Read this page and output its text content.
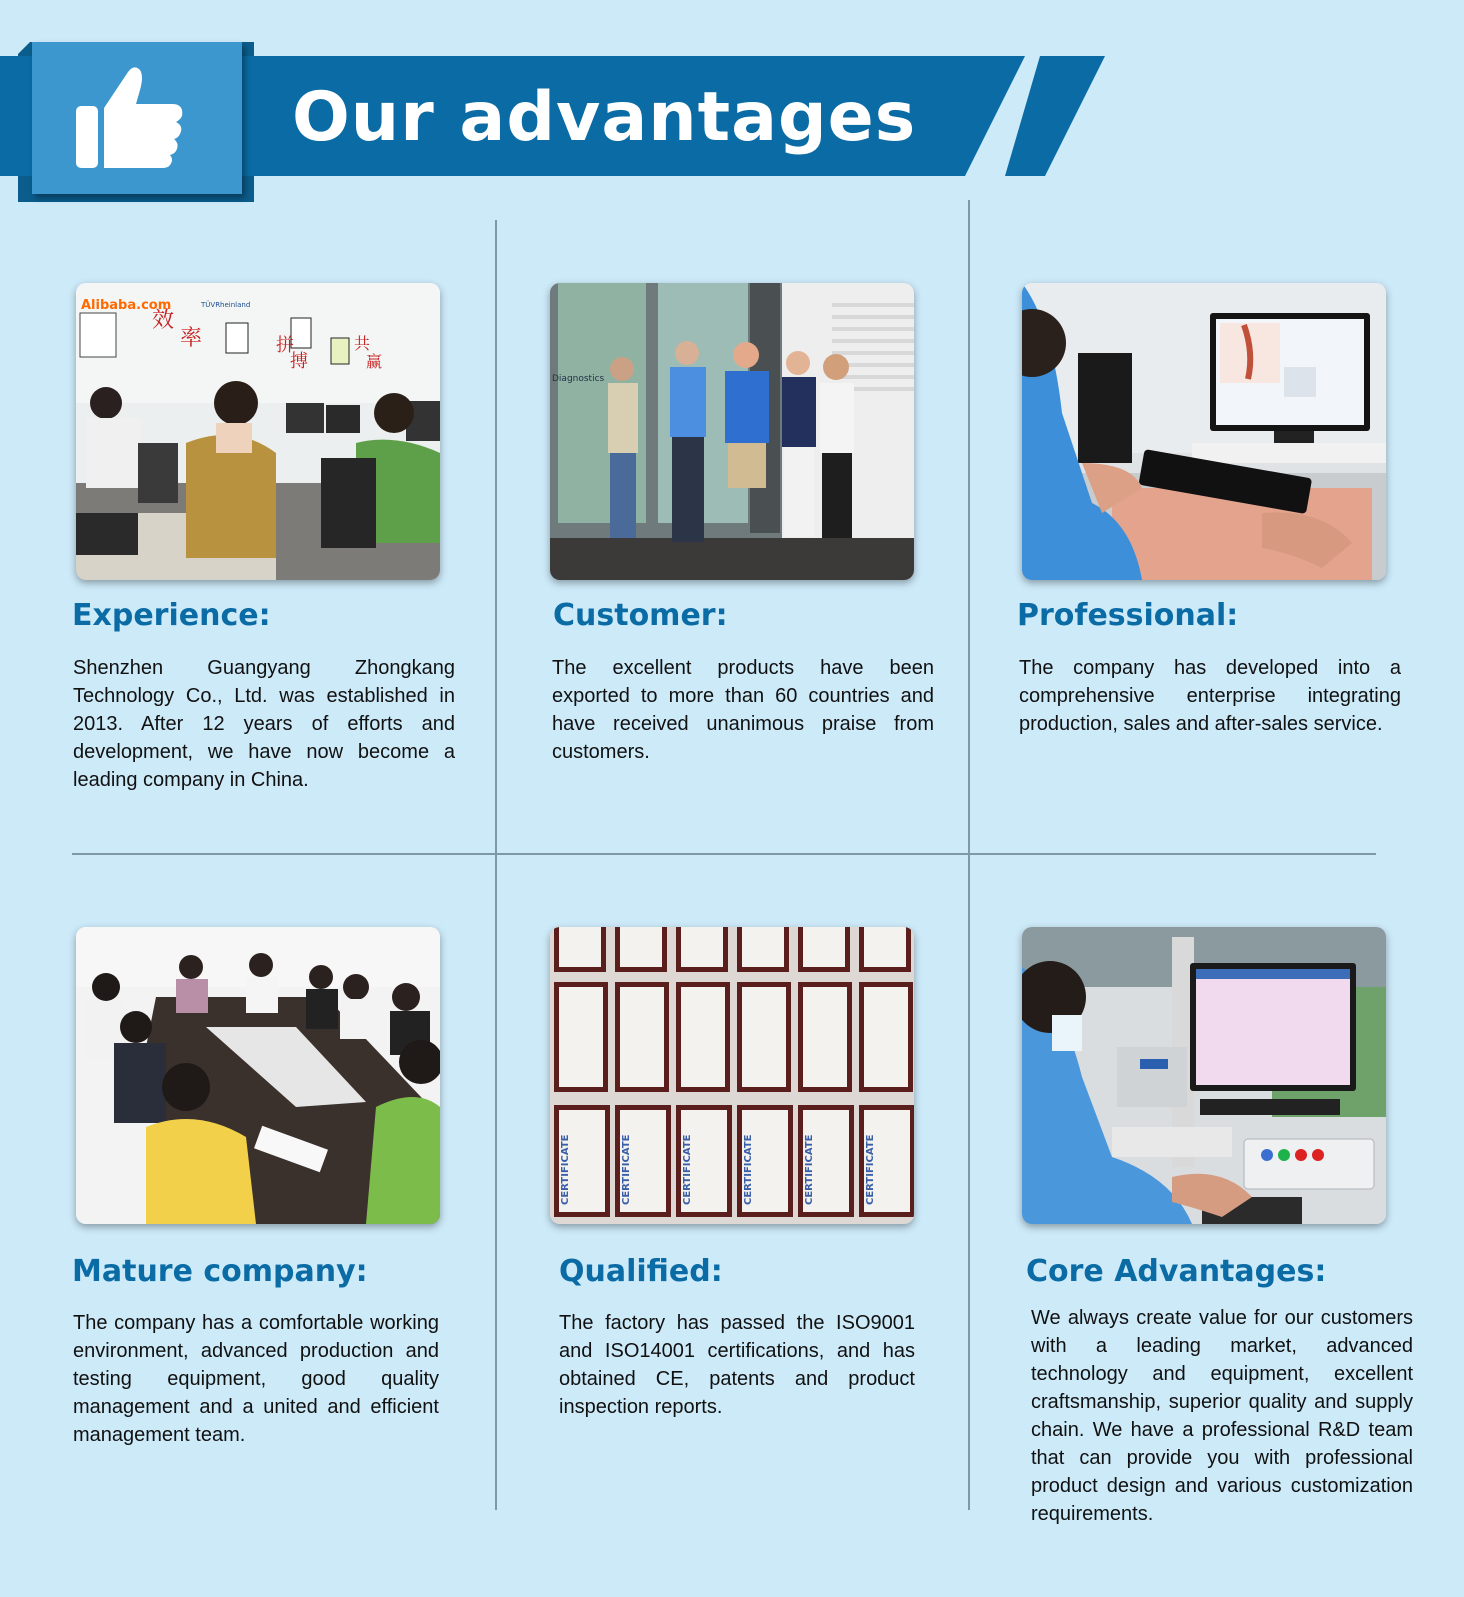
Our advantages
Alibaba.com	TÜVRheinland
效
率	拼
搏
共
赢
Experience:
Shenzhen Guangyang Zhongkang Technology Co., Ltd. was established in 2013. After 12 years of efforts and development, we have now become a leading company in China.
Diagnostics
Customer:
The excellent products have been exported to more than 60 countries and have received unanimous praise from customers.
Professional:
The company has developed into a comprehensive enterprise integrating production, sales and after-sales service.
Mature company:
The company has a comfortable working environment, advanced production and testing equipment, good quality management and a united and efficient management team.
CERTIFICATE	CERTIFICATE	CERTIFICATE	CERTIFICATE	CERTIFICATE	CERTIFICATE
Qualified:
The factory has passed the ISO9001 and ISO14001 certifications, and has obtained CE, patents and product inspection reports.
Core Advantages:
We always create value for our customers with a leading market, advanced technology and equipment, excellent craftsmanship, superior quality and supply chain. We have a professional R&D team that can provide you with professional product design and various customization requirements.
